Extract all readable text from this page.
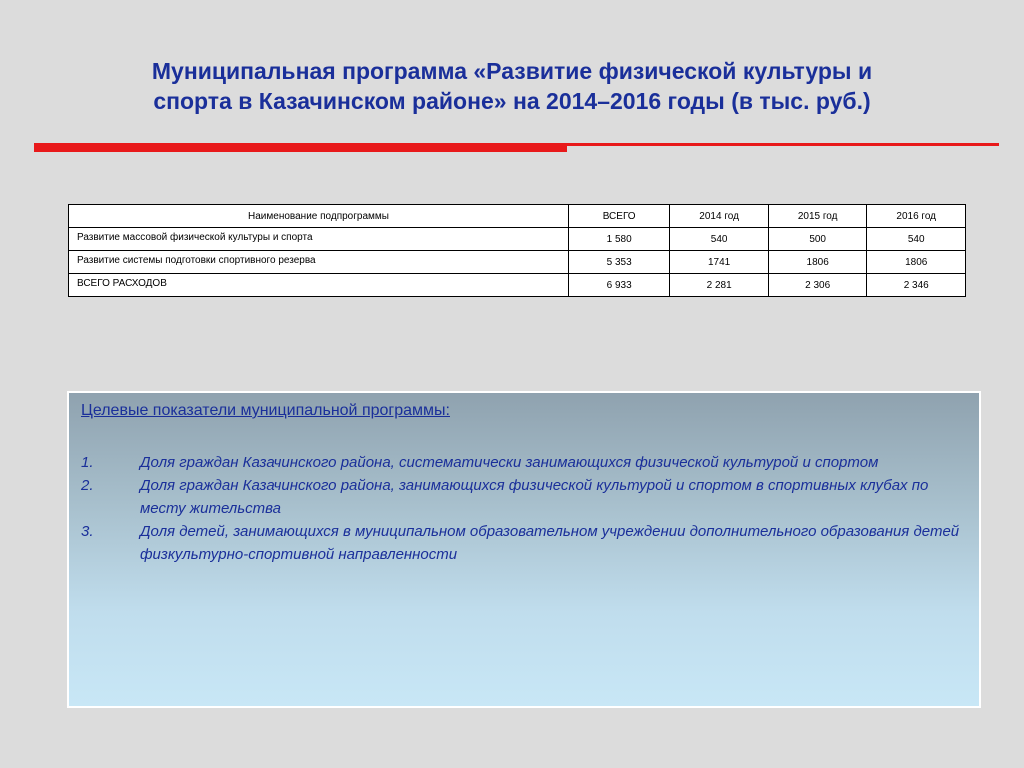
Муниципальная программа «Развитие физической культуры и
спорта в Казачинском районе» на 2014–2016 годы (в тыс. руб.)
Наименование подпрограммы	ВСЕГО	2014 год	2015 год	2016 год
Развитие массовой физической культуры и спорта	1 580	540	500	540
Развитие системы подготовки спортивного резерва	5 353	1741	1806	1806
ВСЕГО РАСХОДОВ	6 933	2 281	2 306	2 346
Целевые показатели муниципальной программы:
1.	Доля граждан Казачинского района, систематически занимающихся физической культурой и спортом
2.	Доля граждан Казачинского района, занимающихся физической культурой и спортом в спортивных клубах по месту жительства
3.	Доля детей, занимающихся в муниципальном образовательном учреждении дополнительного образования детей физкультурно-спортивной направленности
